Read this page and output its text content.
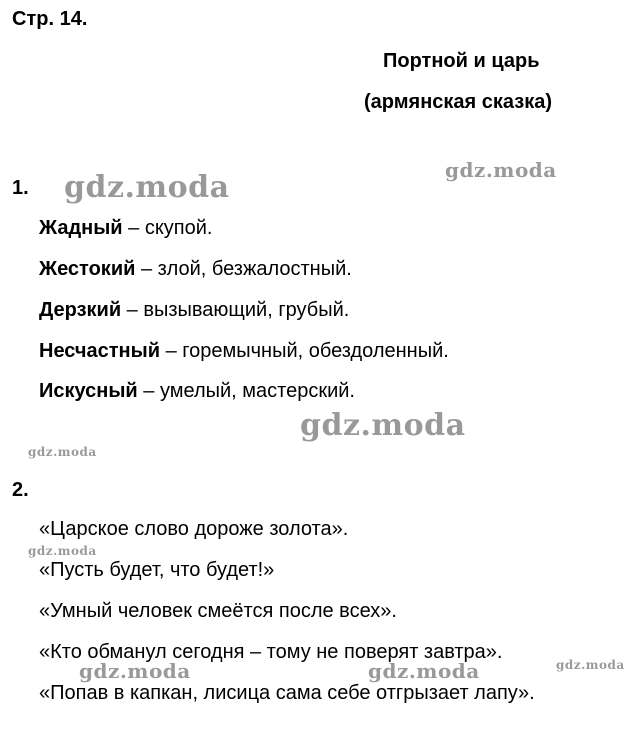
Стр. 14.
Портной и царь
(армянская сказка)
1.
Жадный – скупой.
Жестокий – злой, безжалостный.
Дерзкий – вызывающий, грубый.
Несчастный – горемычный, обездоленный.
Искусный – умелый, мастерский.
2.
«Царское слово дороже золота».
«Пусть будет, что будет!»
«Умный человек смеётся после всех».
«Кто обманул сегодня – тому не поверят завтра».
«Попав в капкан, лисица сама себе отгрызает лапу».
gdz.moda	gdz.moda
gdz.moda
gdz.moda
gdz.moda
gdz.moda	gdz.moda	gdz.moda
